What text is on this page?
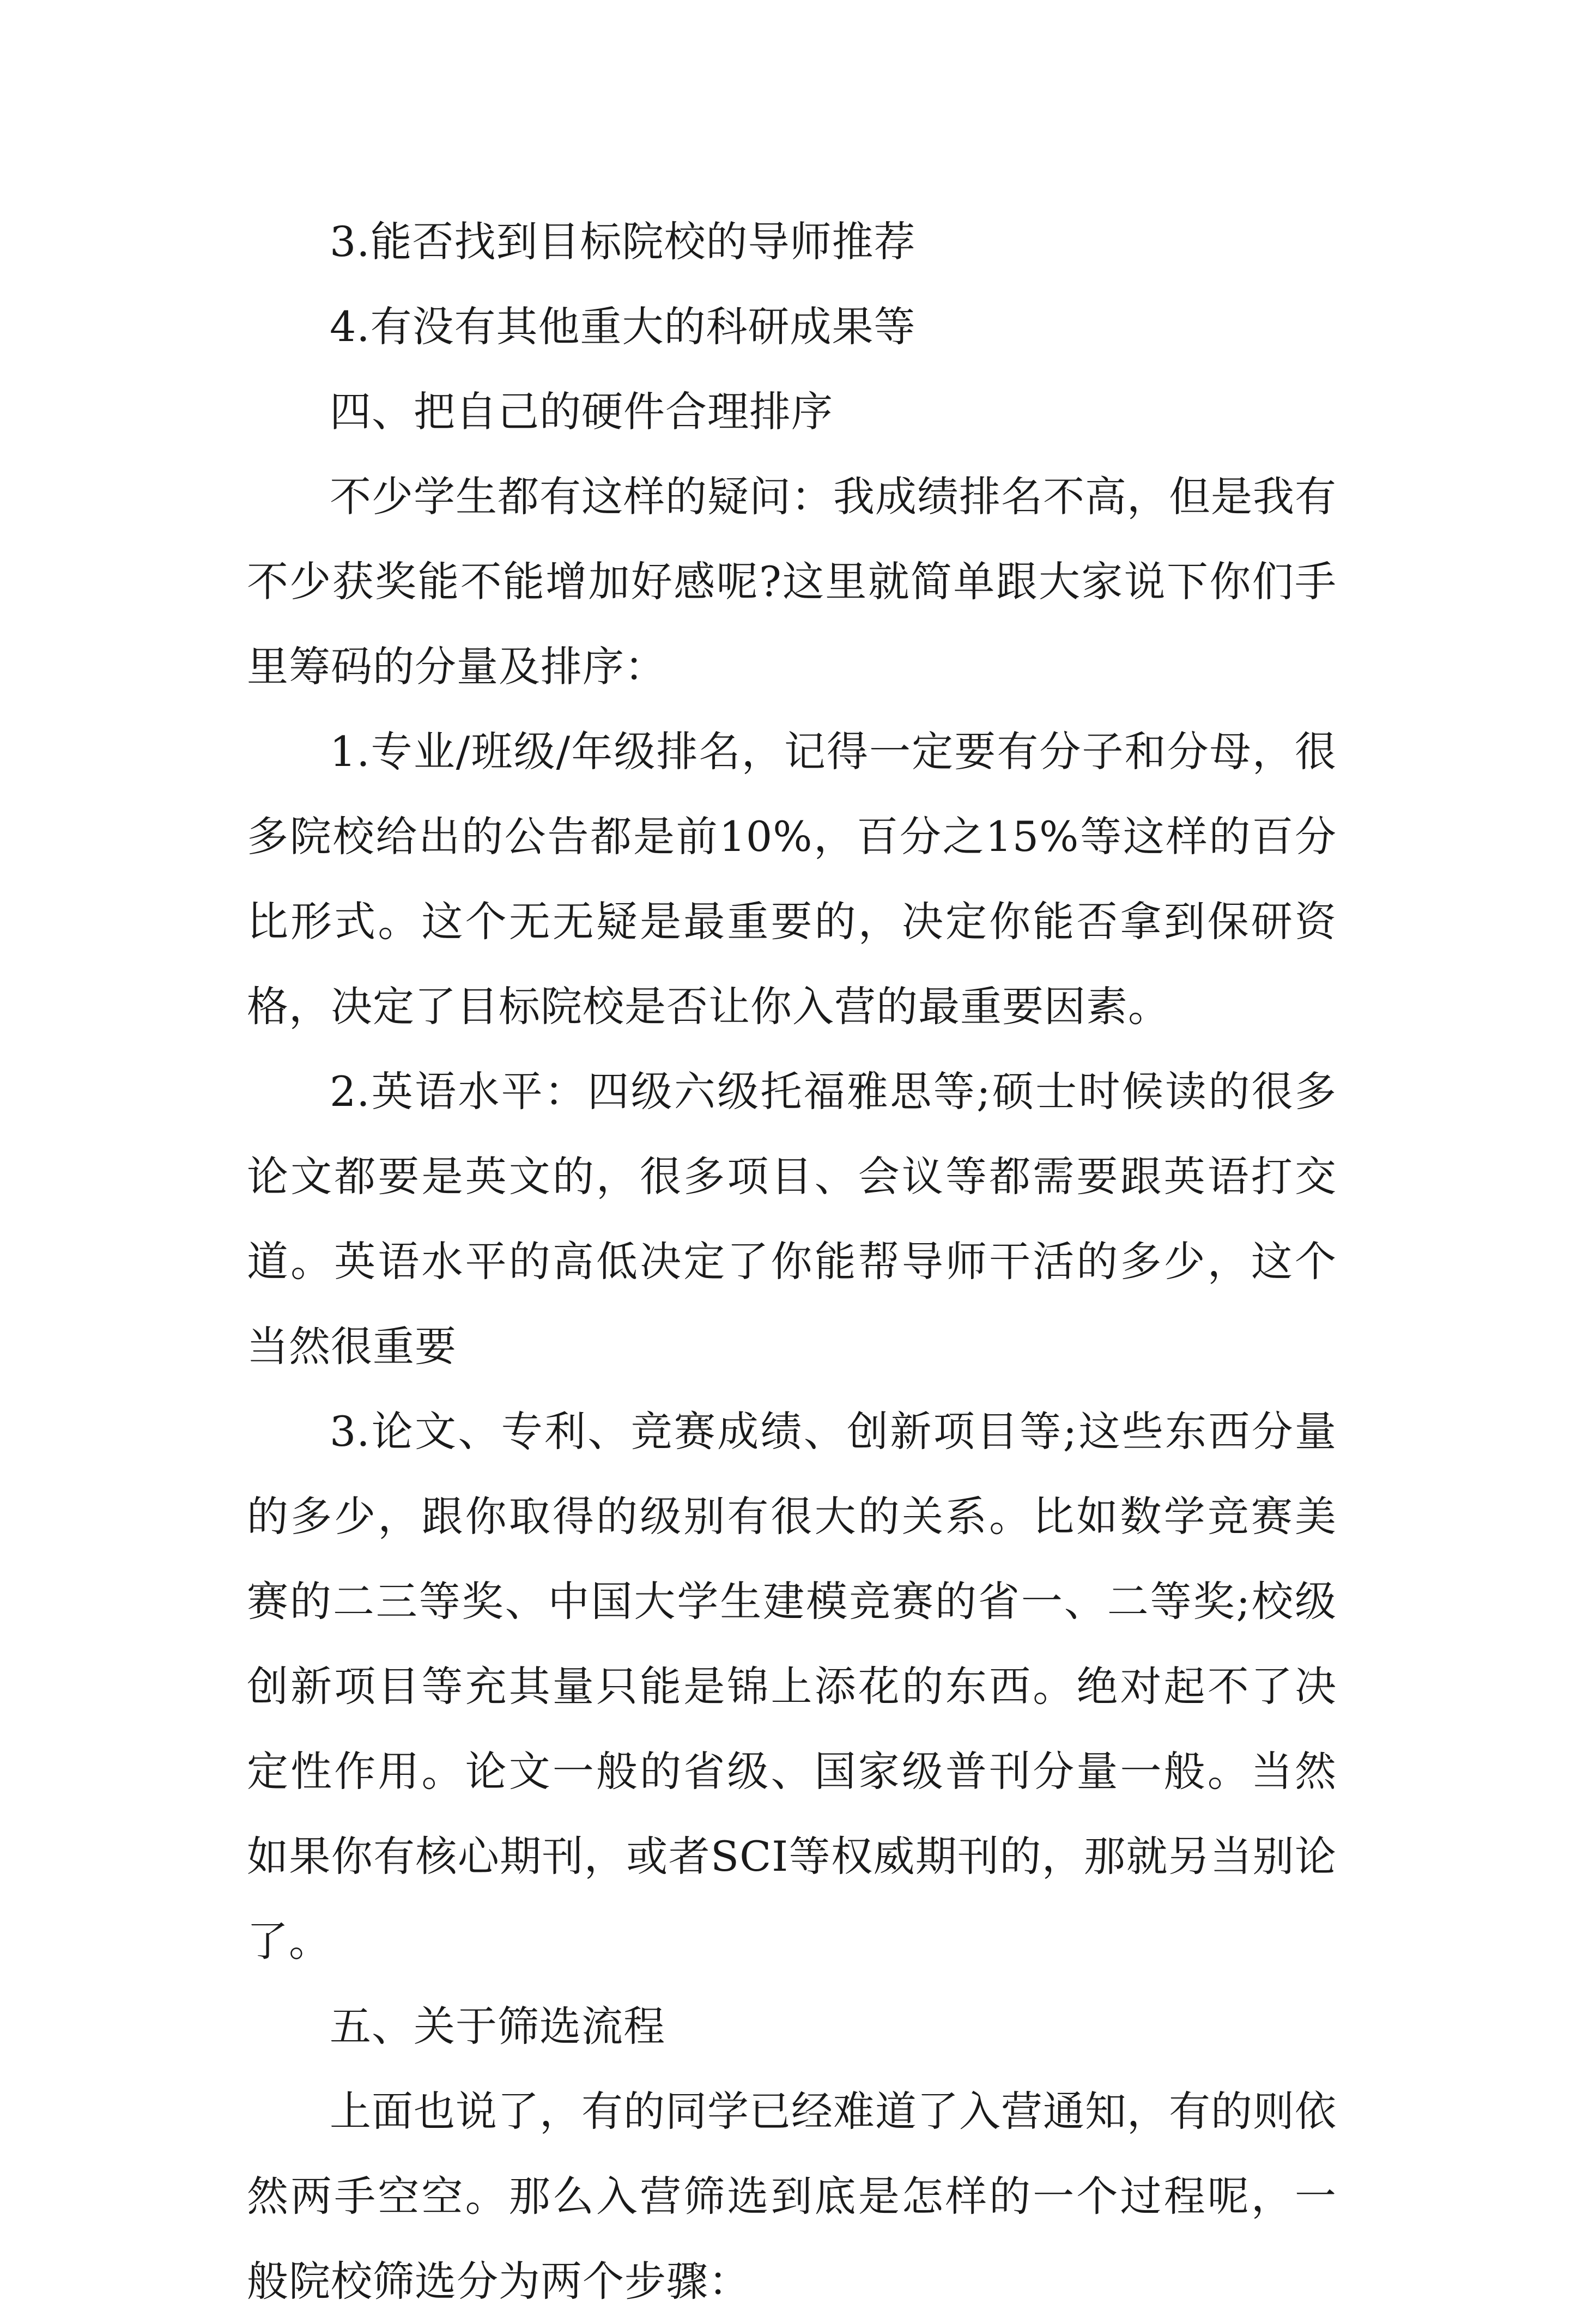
3.能否找到目标院校的导师推荐

4.有没有其他重大的科研成果等

四、把自己的硬件合理排序

不少学生都有这样的疑问：我成绩排名不高，但是我有不少获奖能不能增加好感呢?这里就简单跟大家说下你们手里筹码的分量及排序：

1.专业/班级/年级排名，记得一定要有分子和分母，很多院校给出的公告都是前10%，百分之15%等这样的百分比形式。这个无无疑是最重要的，决定你能否拿到保研资格，决定了目标院校是否让你入营的最重要因素。

2.英语水平：四级六级托福雅思等;硕士时候读的很多论文都要是英文的，很多项目、会议等都需要跟英语打交道。英语水平的高低决定了你能帮导师干活的多少，这个当然很重要

3.论文、专利、竞赛成绩、创新项目等;这些东西分量的多少，跟你取得的级别有很大的关系。比如数学竞赛美赛的二三等奖、中国大学生建模竞赛的省一、二等奖;校级创新项目等充其量只能是锦上添花的东西。绝对起不了决定性作用。论文一般的省级、国家级普刊分量一般。当然如果你有核心期刊，或者SCI等权威期刊的，那就另当别论了。

五、关于筛选流程

上面也说了，有的同学已经难道了入营通知，有的则依然两手空空。那么入营筛选到底是怎样的一个过程呢，一般院校筛选分为两个步骤：
